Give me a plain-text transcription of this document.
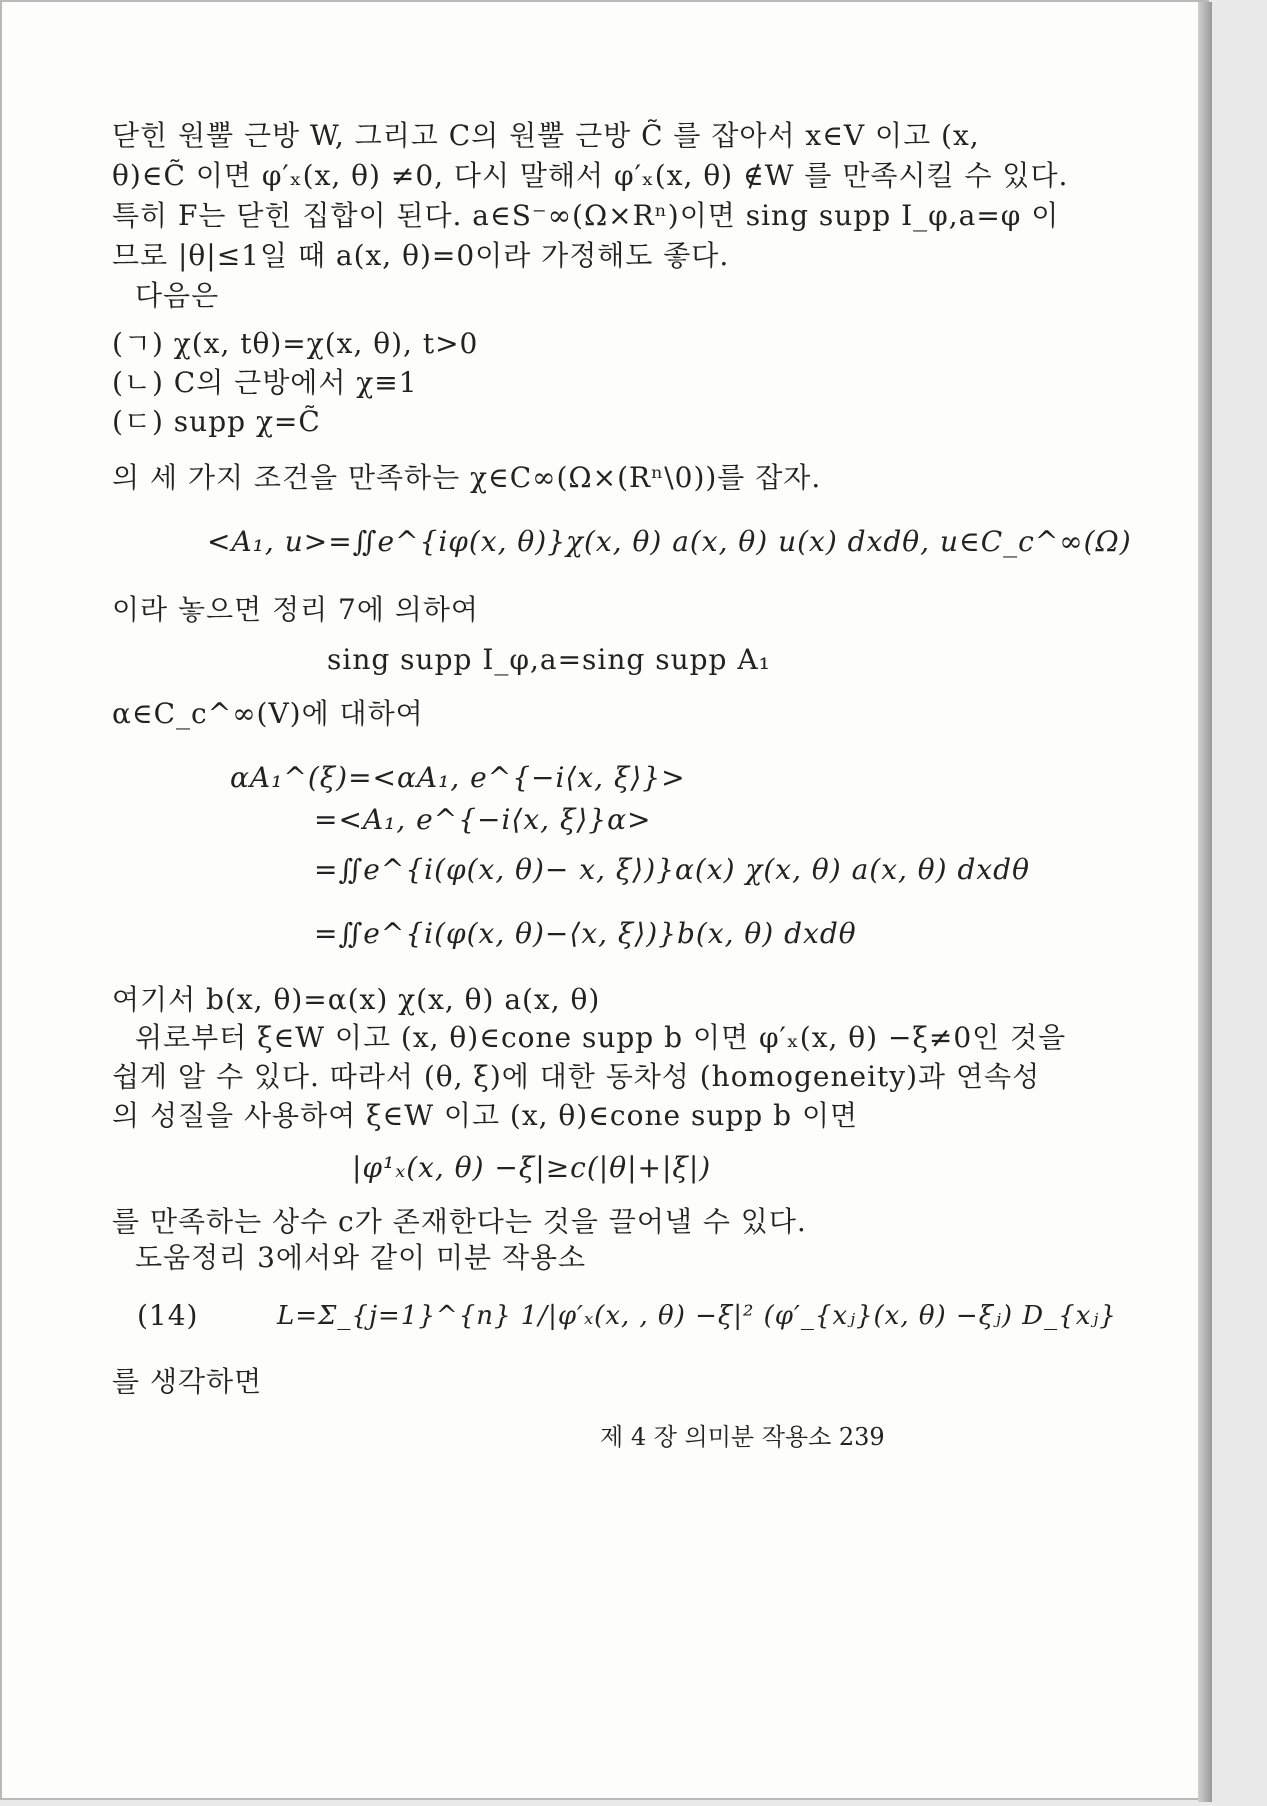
닫힌 원뿔 근방 W, 그리고 C의 원뿔 근방 C̃ 를 잡아서 x∈V 이고 (x,
θ)∈C̃ 이면 φ′ₓ(x, θ) ≠0, 다시 말해서 φ′ₓ(x, θ) ∉W 를 만족시킬 수 있다.
특히 F는 닫힌 집합이 된다. a∈S⁻∞(Ω×Rⁿ)이면 sing supp I_φ,a=φ 이
므로 |θ|≤1일 때 a(x, θ)=0이라 가정해도 좋다.
다음은
(ㄱ) χ(x, tθ)=χ(x, θ), t>0
(ㄴ) C의 근방에서 χ≡1
(ㄷ) supp χ=C̃
의 세 가지 조건을 만족하는 χ∈C∞(Ω×(Rⁿ\0))를 잡자.
<A₁, u>=∬e^{iφ(x, θ)}χ(x, θ) a(x, θ) u(x) dxdθ, u∈C_c^∞(Ω)
이라 놓으면 정리 7에 의하여
sing supp I_φ,a=sing supp A₁
α∈C_c^∞(V)에 대하여
αA₁^(ξ)=<αA₁, e^{−i⟨x, ξ⟩}>
=<A₁, e^{−i⟨x, ξ⟩}α>
=∬e^{i(φ(x, θ)− x, ξ⟩)}α(x) χ(x, θ) a(x, θ) dxdθ
=∬e^{i(φ(x, θ)−⟨x, ξ⟩)}b(x, θ) dxdθ
여기서 b(x, θ)=α(x) χ(x, θ) a(x, θ)
위로부터 ξ∈W 이고 (x, θ)∈cone supp b 이면 φ′ₓ(x, θ) −ξ≠0인 것을
쉽게 알 수 있다. 따라서 (θ, ξ)에 대한 동차성 (homogeneity)과 연속성
의 성질을 사용하여 ξ∈W 이고 (x, θ)∈cone supp b 이면
|φ¹ₓ(x, θ) −ξ|≥c(|θ|+|ξ|)
를 만족하는 상수 c가 존재한다는 것을 끌어낼 수 있다.
도움정리 3에서와 같이 미분 작용소
(14)	L=Σ_{j=1}^{n} 1/|φ′ₓ(x, , θ) −ξ|² (φ′_{xⱼ}(x, θ) −ξⱼ) D_{xⱼ}
를 생각하면
제 4 장 의미분 작용소 239
